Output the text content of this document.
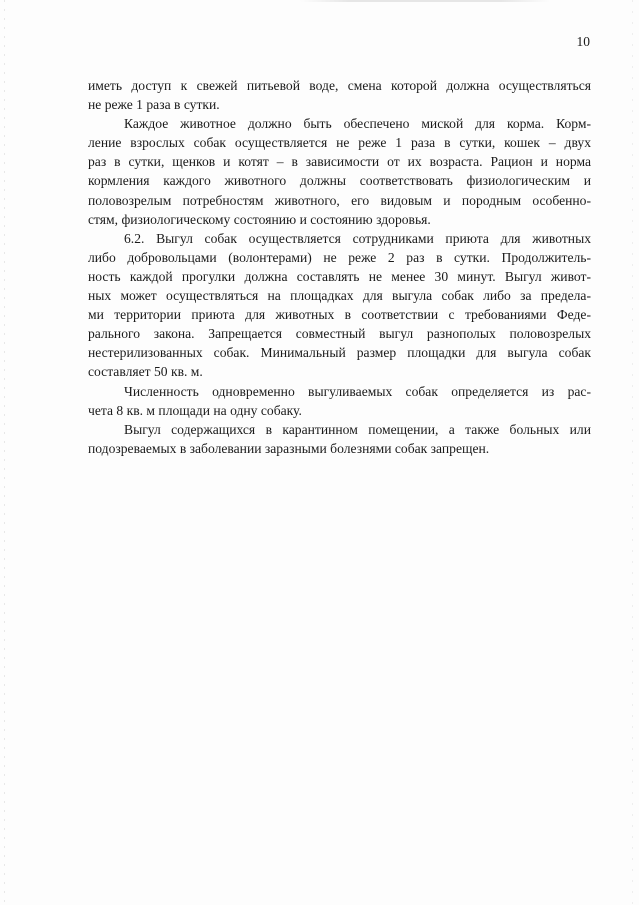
10

иметь доступ к свежей питьевой воде, смена которой должна осуществляться
не реже 1 раза в сутки.

Каждое животное должно быть обеспечено миской для корма. Корм-
ление взрослых собак осуществляется не реже 1 раза в сутки, кошек – двух
раз в сутки, щенков и котят – в зависимости от их возраста. Рацион и норма
кормления каждого животного должны соответствовать физиологическим и
половозрелым потребностям животного, его видовым и породным особенно-
стям, физиологическому состоянию и состоянию здоровья.

6.2. Выгул собак осуществляется сотрудниками приюта для животных
либо добровольцами (волонтерами) не реже 2 раз в сутки. Продолжитель-
ность каждой прогулки должна составлять не менее 30 минут. Выгул живот-
ных может осуществляться на площадках для выгула собак либо за предела-
ми территории приюта для животных в соответствии с требованиями Феде-
рального закона. Запрещается совместный выгул разнополых половозрелых
нестерилизованных собак. Минимальный размер площадки для выгула собак
составляет 50 кв. м.

Численность одновременно выгуливаемых собак определяется из рас-
чета 8 кв. м площади на одну собаку.

Выгул содержащихся в карантинном помещении, а также больных или
подозреваемых в заболевании заразными болезнями собак запрещен.
